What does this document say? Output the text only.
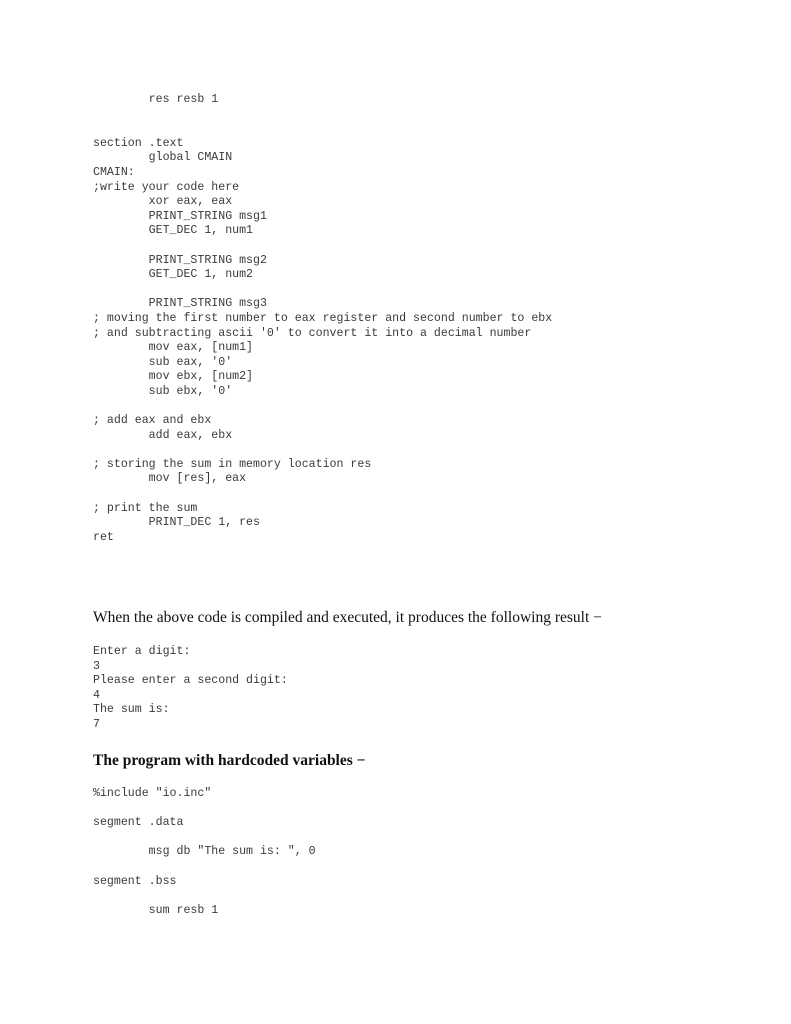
res resb 1
section .text
global CMAIN
CMAIN:
;write your code here
xor eax, eax
PRINT_STRING msg1
GET_DEC 1, num1
PRINT_STRING msg2
GET_DEC 1, num2
PRINT_STRING msg3
; moving the first number to eax register and second number to ebx
; and subtracting ascii '0' to convert it into a decimal number
mov eax, [num1]
sub eax, '0'
mov ebx, [num2]
sub ebx, '0'
; add eax and ebx
add eax, ebx
; storing the sum in memory location res
mov [res], eax
; print the sum
PRINT_DEC 1, res
ret

When the above code is compiled and executed, it produces the following result −

Enter a digit:
3
Please enter a second digit:
4
The sum is:
7

The program with hardcoded variables −

%include "io.inc"
segment .data
msg db "The sum is: ", 0
segment .bss
sum resb 1
